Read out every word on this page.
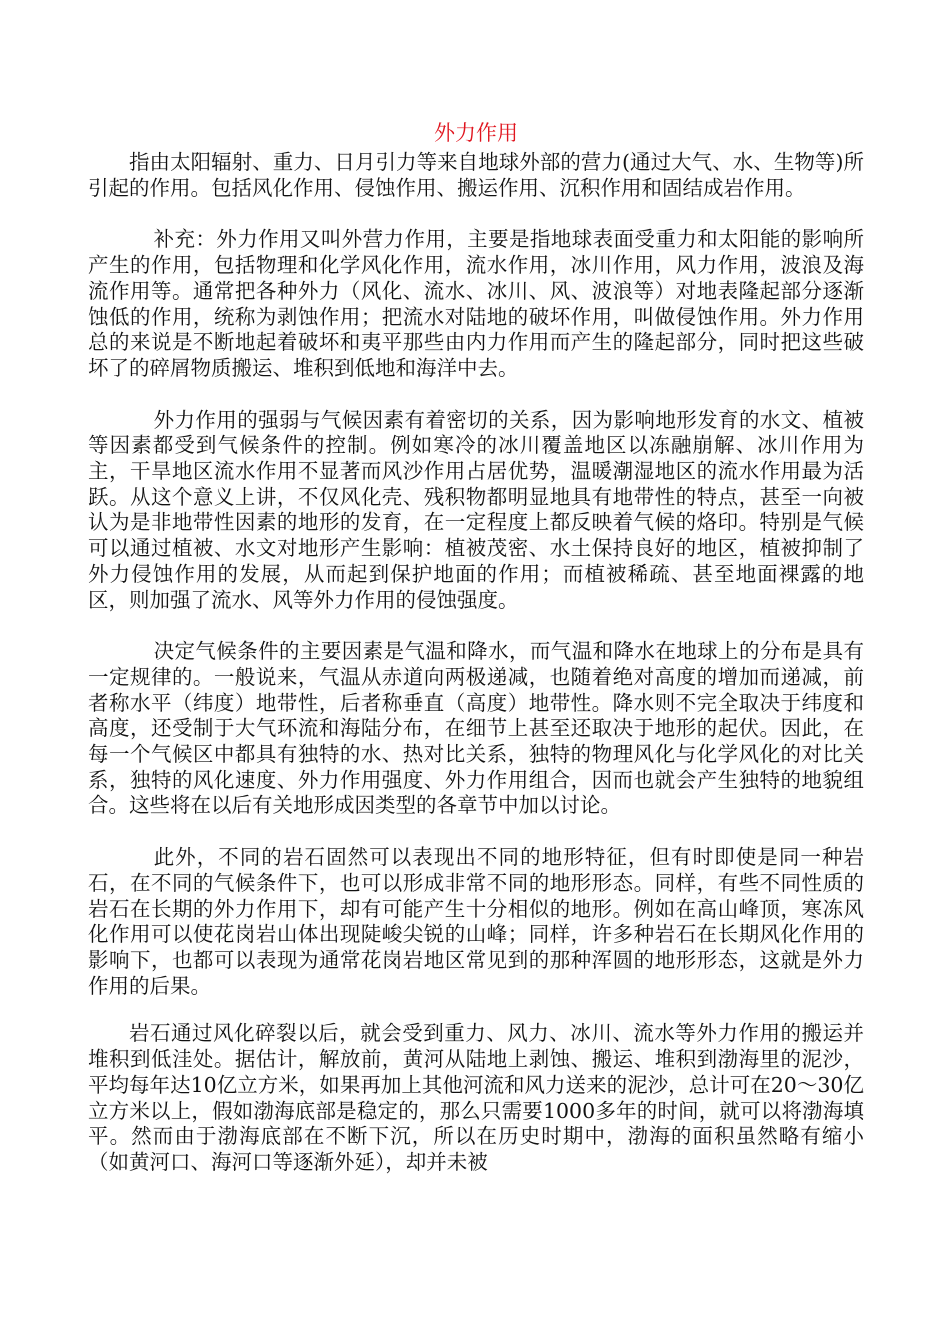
外力作用

指由太阳辐射、重力、日月引力等来自地球外部的营力(通过大气、水、生物等)所引起的作用。包括风化作用、侵蚀作用、搬运作用、沉积作用和固结成岩作用。

补充：外力作用又叫外营力作用，主要是指地球表面受重力和太阳能的影响所产生的作用，包括物理和化学风化作用，流水作用，冰川作用，风力作用，波浪及海流作用等。通常把各种外力（风化、流水、冰川、风、波浪等）对地表隆起部分逐渐蚀低的作用，统称为剥蚀作用；把流水对陆地的破坏作用，叫做侵蚀作用。外力作用总的来说是不断地起着破坏和夷平那些由内力作用而产生的隆起部分，同时把这些破坏了的碎屑物质搬运、堆积到低地和海洋中去。

外力作用的强弱与气候因素有着密切的关系，因为影响地形发育的水文、植被等因素都受到气候条件的控制。例如寒冷的冰川覆盖地区以冻融崩解、冰川作用为主，干旱地区流水作用不显著而风沙作用占居优势，温暖潮湿地区的流水作用最为活跃。从这个意义上讲，不仅风化壳、残积物都明显地具有地带性的特点，甚至一向被认为是非地带性因素的地形的发育，在一定程度上都反映着气候的烙印。特别是气候可以通过植被、水文对地形产生影响：植被茂密、水土保持良好的地区，植被抑制了外力侵蚀作用的发展，从而起到保护地面的作用；而植被稀疏、甚至地面裸露的地区，则加强了流水、风等外力作用的侵蚀强度。

决定气候条件的主要因素是气温和降水，而气温和降水在地球上的分布是具有一定规律的。一般说来，气温从赤道向两极递减，也随着绝对高度的增加而递减，前者称水平（纬度）地带性，后者称垂直（高度）地带性。降水则不完全取决于纬度和高度，还受制于大气环流和海陆分布，在细节上甚至还取决于地形的起伏。因此，在每一个气候区中都具有独特的水、热对比关系，独特的物理风化与化学风化的对比关系，独特的风化速度、外力作用强度、外力作用组合，因而也就会产生独特的地貌组合。这些将在以后有关地形成因类型的各章节中加以讨论。

此外，不同的岩石固然可以表现出不同的地形特征，但有时即使是同一种岩石，在不同的气候条件下，也可以形成非常不同的地形形态。同样，有些不同性质的岩石在长期的外力作用下，却有可能产生十分相似的地形。例如在高山峰顶，寒冻风化作用可以使花岗岩山体出现陡峻尖锐的山峰；同样，许多种岩石在长期风化作用的影响下，也都可以表现为通常花岗岩地区常见到的那种浑圆的地形形态，这就是外力作用的后果。

岩石通过风化碎裂以后，就会受到重力、风力、冰川、流水等外力作用的搬运并堆积到低洼处。据估计，解放前，黄河从陆地上剥蚀、搬运、堆积到渤海里的泥沙，平均每年达10亿立方米，如果再加上其他河流和风力送来的泥沙，总计可在20～30亿立方米以上，假如渤海底部是稳定的，那么只需要1000多年的时间，就可以将渤海填平。然而由于渤海底部在不断下沉，所以在历史时期中，渤海的面积虽然略有缩小（如黄河口、海河口等逐渐外延），却并未被
